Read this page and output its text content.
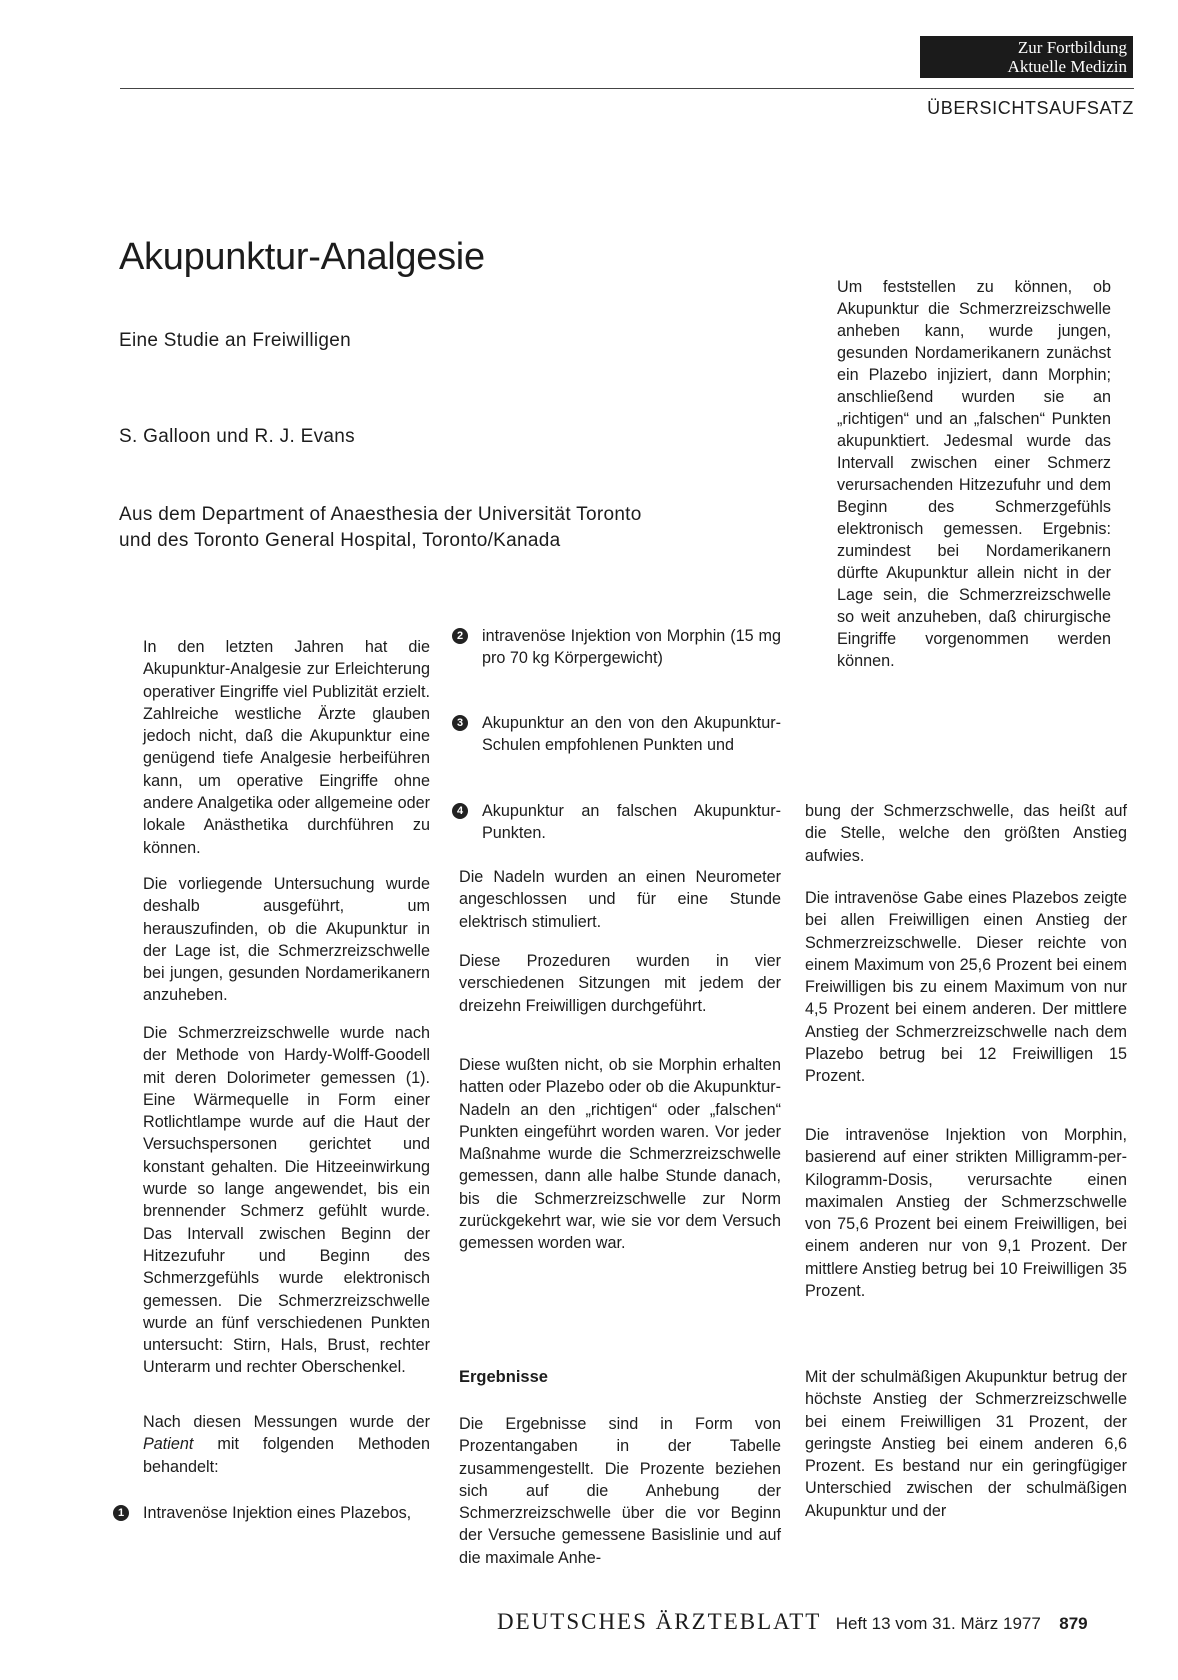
Zur Fortbildung
Aktuelle Medizin
ÜBERSICHTSAUFSATZ
Akupunktur-Analgesie
Eine Studie an Freiwilligen
S. Galloon und R. J. Evans
Aus dem Department of Anaesthesia der Universität Toronto
und des Toronto General Hospital, Toronto/Kanada

Um feststellen zu können, ob Akupunktur die Schmerzreizschwelle anheben kann, wurde jungen, gesunden Nordamerikanern zunächst ein Plazebo injiziert, dann Morphin; anschließend wurden sie an „richtigen“ und an „falschen“ Punkten akupunktiert. Jedesmal wurde das Intervall zwischen einer Schmerz verursachenden Hitzezufuhr und dem Beginn des Schmerzgefühls elektronisch gemessen. Ergebnis: zumindest bei Nordamerikanern dürfte Akupunktur allein nicht in der Lage sein, die Schmerzreizschwelle so weit anzuheben, daß chirurgische Eingriffe vorgenommen werden können.

In den letzten Jahren hat die Akupunktur-Analgesie zur Erleichterung operativer Eingriffe viel Publizität erzielt. Zahlreiche westliche Ärzte glauben jedoch nicht, daß die Akupunktur eine genügend tiefe Analgesie herbeiführen kann, um operative Eingriffe ohne andere Analgetika oder allgemeine oder lokale Anästhetika durchführen zu können.

Die vorliegende Untersuchung wurde deshalb ausgeführt, um herauszufinden, ob die Akupunktur in der Lage ist, die Schmerzreizschwelle bei jungen, gesunden Nordamerikanern anzuheben.

Die Schmerzreizschwelle wurde nach der Methode von Hardy-Wolff-Goodell mit deren Dolorimeter gemessen (1). Eine Wärmequelle in Form einer Rotlichtlampe wurde auf die Haut der Versuchspersonen gerichtet und konstant gehalten. Die Hitzeeinwirkung wurde so lange angewendet, bis ein brennender Schmerz gefühlt wurde. Das Intervall zwischen Beginn der Hitzezufuhr und Beginn des Schmerzgefühls wurde elektronisch gemessen. Die Schmerzreizschwelle wurde an fünf verschiedenen Punkten untersucht: Stirn, Hals, Brust, rechter Unterarm und rechter Oberschenkel.

Nach diesen Messungen wurde der Patient mit folgenden Methoden behandelt:

1	Intravenöse Injektion eines Plazebos,
2	intravenöse Injektion von Morphin (15 mg pro 70 kg Körpergewicht)
3	Akupunktur an den von den Akupunktur-Schulen empfohlenen Punkten und
4	Akupunktur an falschen Akupunktur-Punkten.

Die Nadeln wurden an einen Neurometer angeschlossen und für eine Stunde elektrisch stimuliert.

Diese Prozeduren wurden in vier verschiedenen Sitzungen mit jedem der dreizehn Freiwilligen durchgeführt.

Diese wußten nicht, ob sie Morphin erhalten hatten oder Plazebo oder ob die Akupunktur-Nadeln an den „richtigen“ oder „falschen“ Punkten eingeführt worden waren. Vor jeder Maßnahme wurde die Schmerzreizschwelle gemessen, dann alle halbe Stunde danach, bis die Schmerzreizschwelle zur Norm zurückgekehrt war, wie sie vor dem Versuch gemessen worden war.

Ergebnisse

Die Ergebnisse sind in Form von Prozentangaben in der Tabelle zusammengestellt. Die Prozente beziehen sich auf die Anhebung der Schmerzreizschwelle über die vor Beginn der Versuche gemessene Basislinie und auf die maximale Anhe-

bung der Schmerzschwelle, das heißt auf die Stelle, welche den größten Anstieg aufwies.

Die intravenöse Gabe eines Plazebos zeigte bei allen Freiwilligen einen Anstieg der Schmerzreizschwelle. Dieser reichte von einem Maximum von 25,6 Prozent bei einem Freiwilligen bis zu einem Maximum von nur 4,5 Prozent bei einem anderen. Der mittlere Anstieg der Schmerzreizschwelle nach dem Plazebo betrug bei 12 Freiwilligen 15 Prozent.

Die intravenöse Injektion von Morphin, basierend auf einer strikten Milligramm-per-Kilogramm-Dosis, verursachte einen maximalen Anstieg der Schmerzschwelle von 75,6 Prozent bei einem Freiwilligen, bei einem anderen nur von 9,1 Prozent. Der mittlere Anstieg betrug bei 10 Freiwilligen 35 Prozent.

Mit der schulmäßigen Akupunktur betrug der höchste Anstieg der Schmerzreizschwelle bei einem Freiwilligen 31 Prozent, der geringste Anstieg bei einem anderen 6,6 Prozent. Es bestand nur ein geringfügiger Unterschied zwischen der schulmäßigen Akupunktur und der

DEUTSCHES ÄRZTEBLATT Heft 13 vom 31. März 1977 879
